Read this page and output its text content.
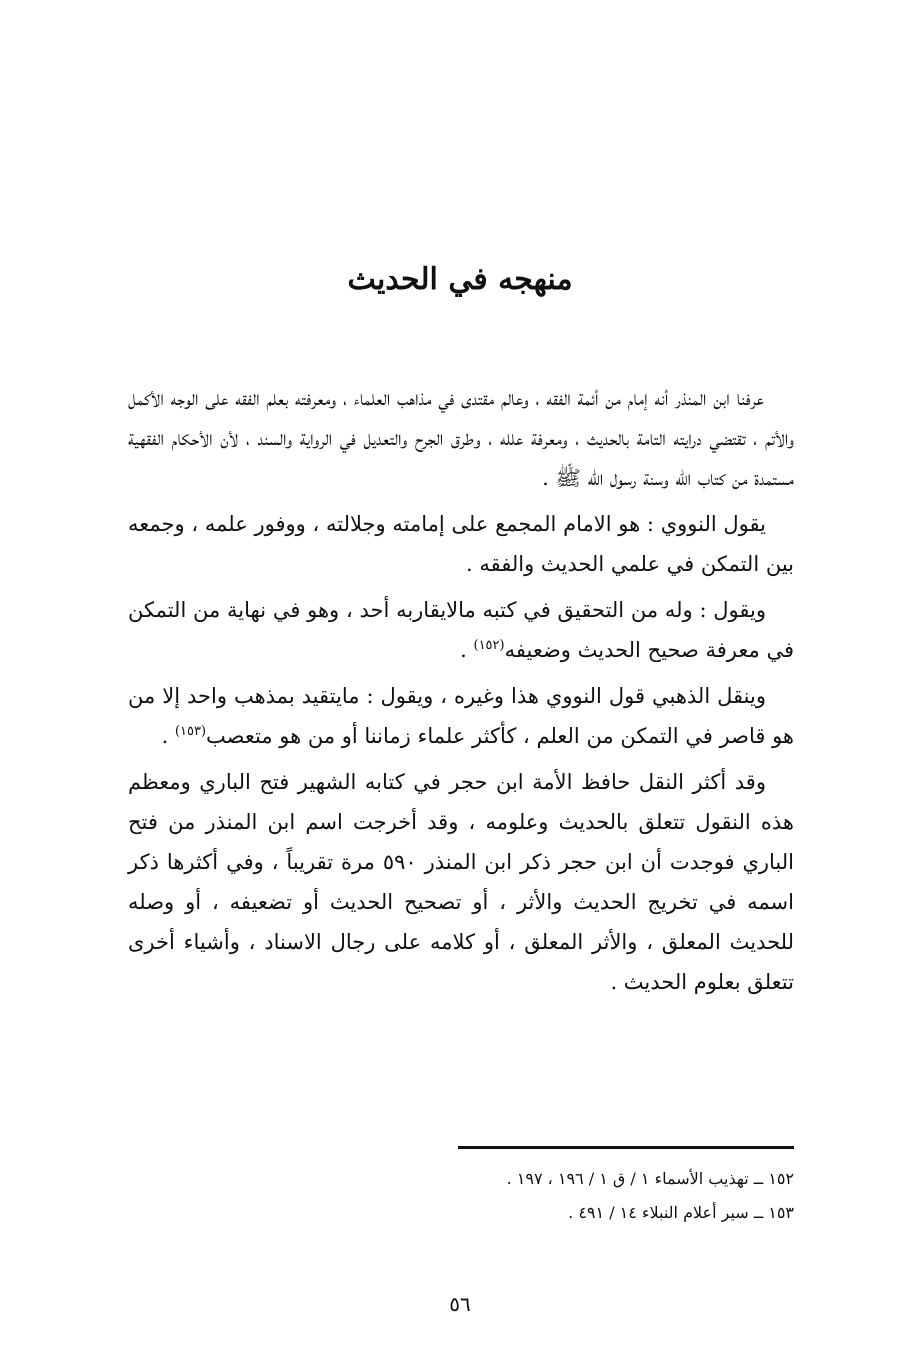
منهجه في الحديث

عرفنا ابن المنذر أنه إمام من أئمة الفقه ، وعالم مقتدى في مذاهب العلماء ، ومعرفته بعلم الفقه على الوجه الأكمل والأتم ، تقتضي درايته التامة بالحديث ، ومعرفة علله ، وطرق الجرح والتعديل في الرواية والسند ، لأن الأحكام الفقهية مستمدة من كتاب الله وسنة رسول الله ﷺ .

يقول النووي : هو الامام المجمع على إمامته وجلالته ، ووفور علمه ، وجمعه بين التمكن في علمي الحديث والفقه .

ويقول : وله من التحقيق في كتبه مالايقاربه أحد ، وهو في نهاية من التمكن في معرفة صحيح الحديث وضعيفه$^{(١٥٢)}$ .

وينقل الذهبي قول النووي هذا وغيره ، ويقول : مايتقيد بمذهب واحد إلا من هو قاصر في التمكن من العلم ، كأكثر علماء زماننا أو من هو متعصب$^{(١٥٣)}$ .

وقد أكثر النقل حافظ الأمة ابن حجر في كتابه الشهير فتح الباري ومعظم هذه النقول تتعلق بالحديث وعلومه ، وقد أخرجت اسم ابن المنذر من فتح الباري فوجدت أن ابن حجر ذكر ابن المنذر ٥٩٠ مرة تقريباً ، وفي أكثرها ذكر اسمه في تخريج الحديث والأثر ، أو تصحيح الحديث أو تضعيفه ، أو وصله للحديث المعلق ، والأثر المعلق ، أو كلامه على رجال الاسناد ، وأشياء أخرى تتعلق بعلوم الحديث .

١٥٢ ــ تهذيب الأسماء ١ / ق ١ / ١٩٦ ، ١٩٧ .

١٥٣ ــ سير أعلام النبلاء ١٤ / ٤٩١ .

٥٦
